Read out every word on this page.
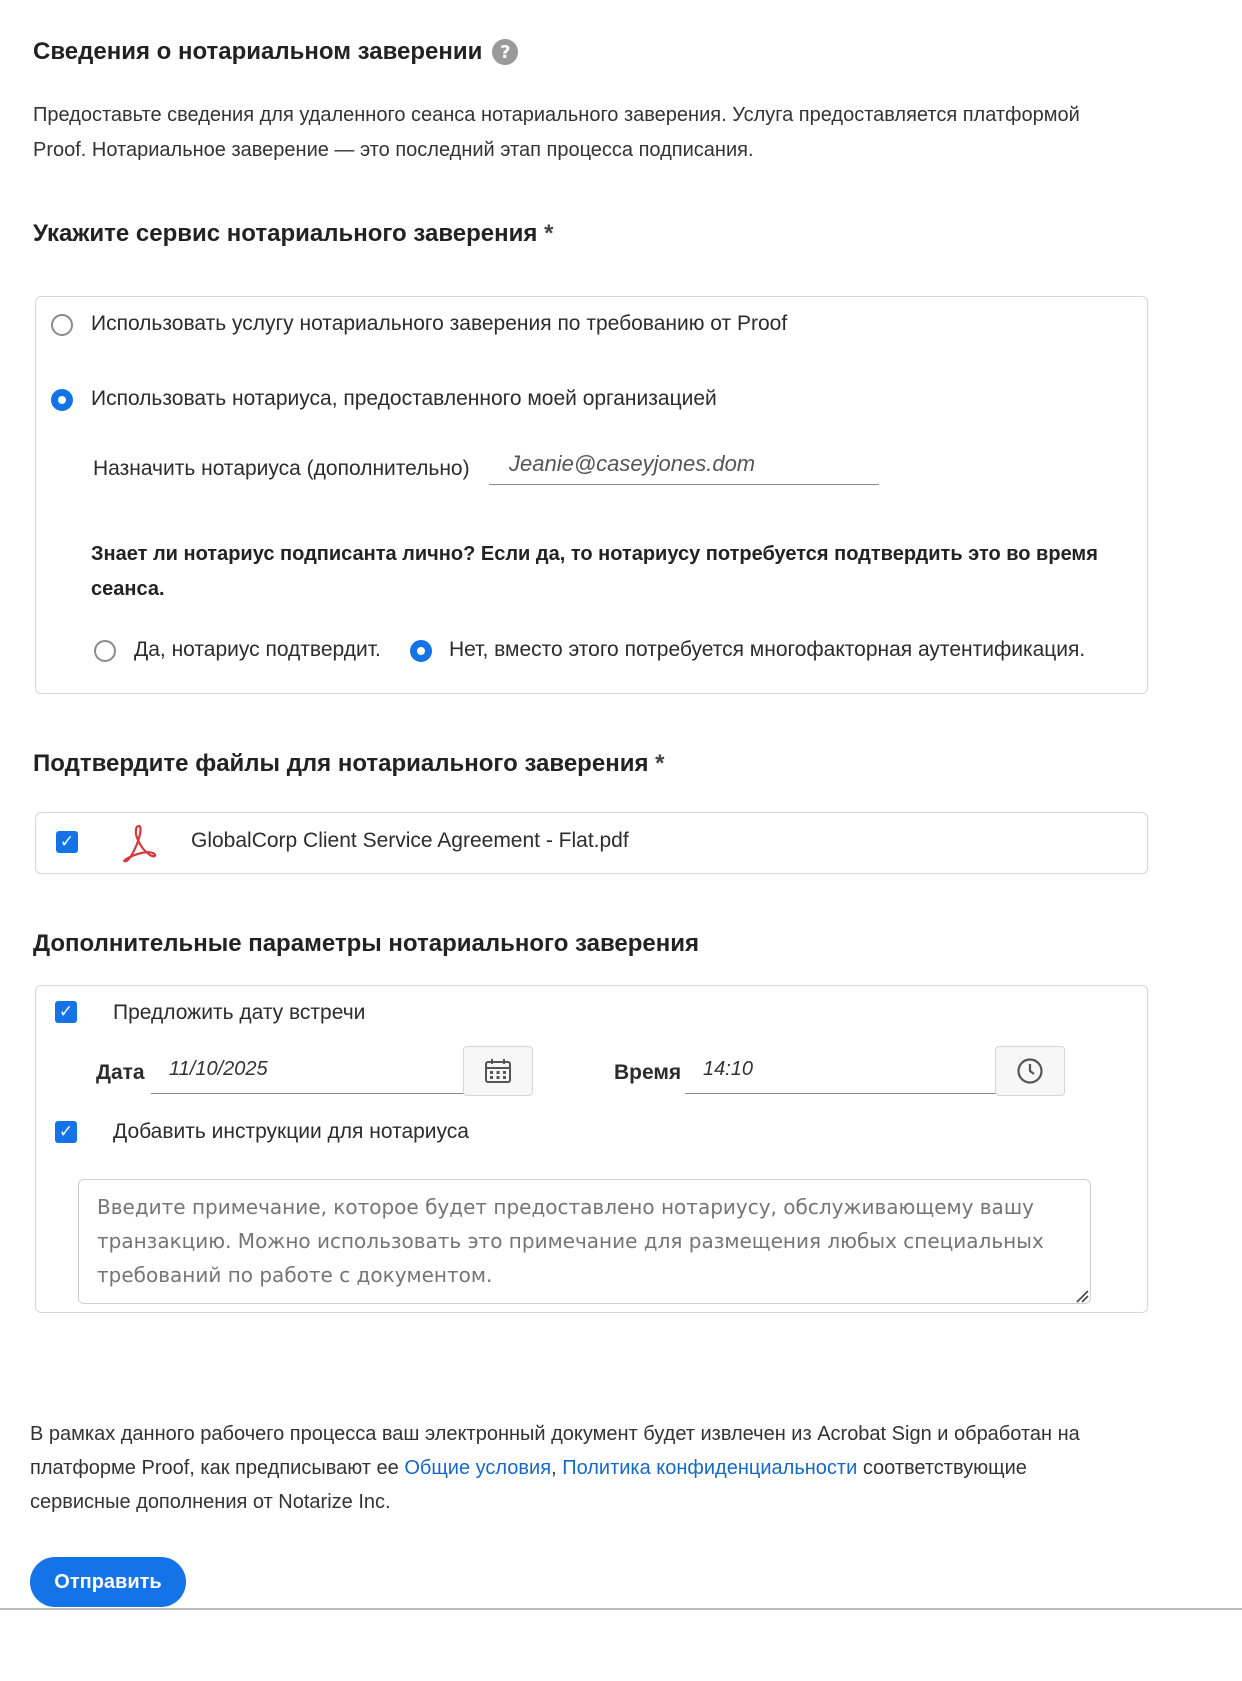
Сведения о нотариальном заверении ?
Предоставьте сведения для удаленного сеанса нотариального заверения. Услуга предоставляется платформой
Proof. Нотариальное заверение — это последний этап процесса подписания.
Укажите сервис нотариального заверения *
Использовать услугу нотариального заверения по требованию от Proof
Использовать нотариуса, предоставленного моей организацией
Назначить нотариуса (дополнительно)
Jeanie@caseyjones.dom
Знает ли нотариус подписанта лично? Если да, то нотариусу потребуется подтвердить это во время сеанса.
Да, нотариус подтвердит.	Нет, вместо этого потребуется многофакторная аутентификация.
Подтвердите файлы для нотариального заверения *
✓	GlobalCorp Client Service Agreement - Flat.pdf
Дополнительные параметры нотариального заверения
✓ Предложить дату встречи
Дата 11/10/2025	Время 14:10
✓ Добавить инструкции для нотариуса
Введите примечание, которое будет предоставлено нотариусу, обслуживающему вашу транзакцию. Можно использовать это примечание для размещения любых специальных требований по работе с документом.
В рамках данного рабочего процесса ваш электронный документ будет извлечен из Acrobat Sign и обработан на
платформе Proof, как предписывают ее Общие условия, Политика конфиденциальности соответствующие
сервисные дополнения от Notarize Inc.
Отправить
